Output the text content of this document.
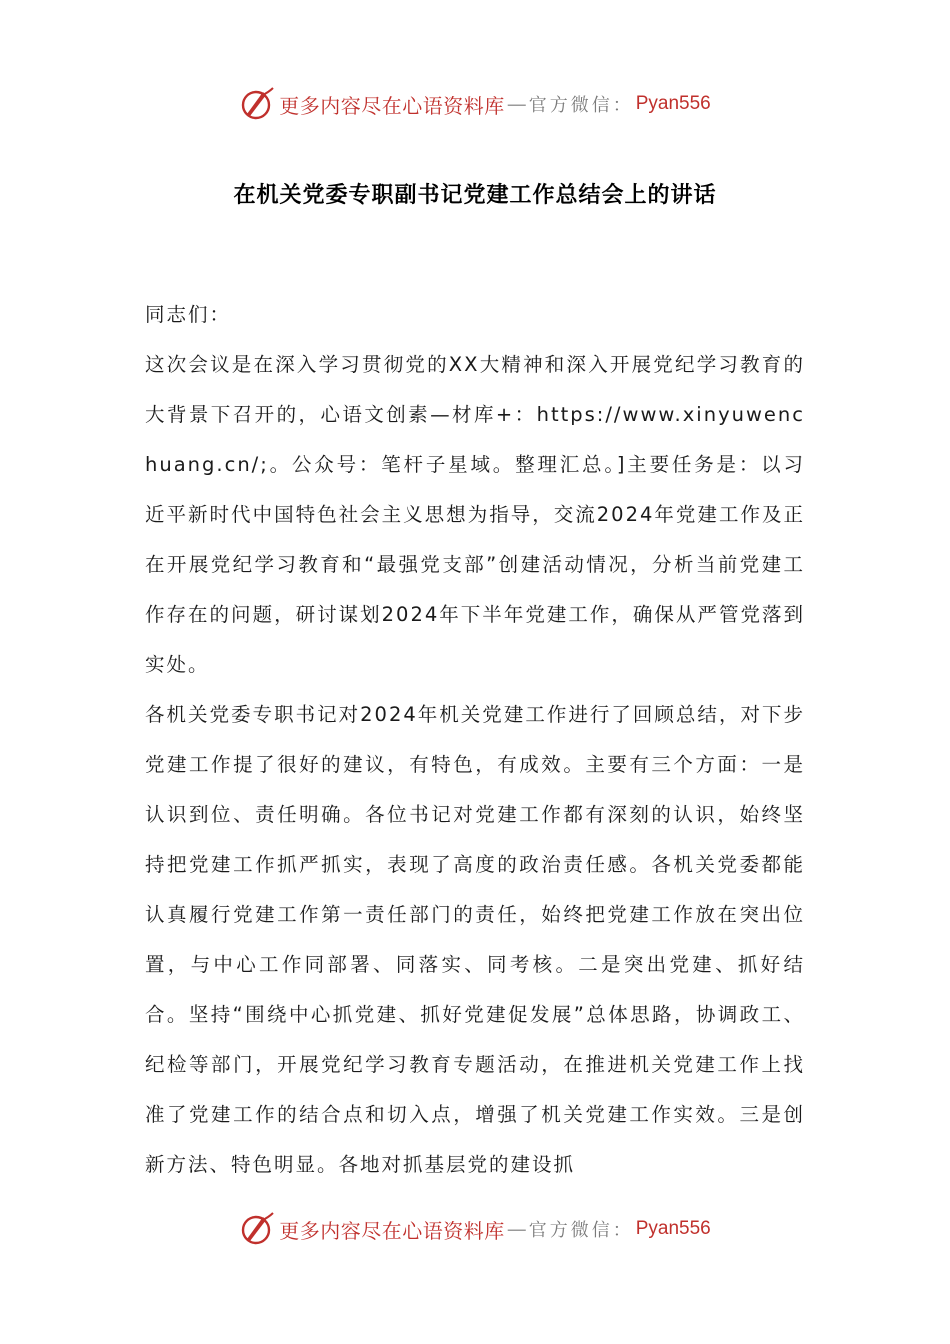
更多内容尽在心语资料库 — 官方微信： Pyan556
在机关党委专职副书记党建工作总结会上的讲话

同志们：

这次会议是在深入学习贯彻党的XX大精神和深入开展党纪学习教育的大背景下召开的，心语文创素—材库+：https://www.xinyuwenchuang.cn/;。公众号：笔杆子星域。整理汇总。]主要任务是：以习近平新时代中国特色社会主义思想为指导，交流2024年党建工作及正在开展党纪学习教育和“最强党支部”创建活动情况，分析当前党建工作存在的问题，研讨谋划2024年下半年党建工作，确保从严管党落到实处。

各机关党委专职书记对2024年机关党建工作进行了回顾总结，对下步党建工作提了很好的建议，有特色，有成效。主要有三个方面：一是认识到位、责任明确。各位书记对党建工作都有深刻的认识，始终坚持把党建工作抓严抓实，表现了高度的政治责任感。各机关党委都能认真履行党建工作第一责任部门的责任，始终把党建工作放在突出位置，与中心工作同部署、同落实、同考核。二是突出党建、抓好结合。坚持“围绕中心抓党建、抓好党建促发展”总体思路，协调政工、纪检等部门，开展党纪学习教育专题活动，在推进机关党建工作上找准了党建工作的结合点和切入点，增强了机关党建工作实效。三是创新方法、特色明显。各地对抓基层党的建设抓

更多内容尽在心语资料库 — 官方微信： Pyan556
